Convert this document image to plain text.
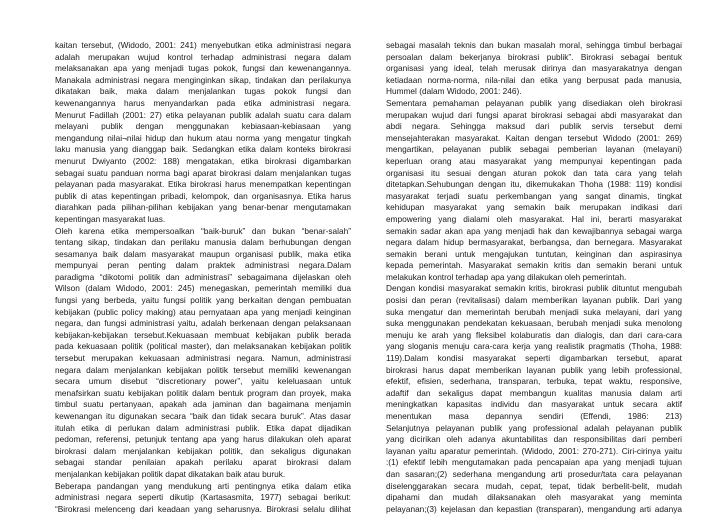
kaitan tersebut, (Widodo, 2001: 241) menyebutkan etika administrasi negara
adalah merupakan wujud kontrol terhadap administrasi negara dalam
melaksanakan apa yang menjadi tugas pokok, fungsi dan kewenangannya.
Manakala administrasi negara menginginkan sikap, tindakan dan perilakunya
dikatakan baik, maka dalam menjalankan tugas pokok fungsi dan
kewenangannya harus menyandarkan pada etika administrasi negara.
Menurut Fadillah (2001: 27) etika pelayanan publik adalah suatu cara dalam
melayani publik dengan menggunakan kebiasaan-kebiasaan yang
mengandung nilai¬nilai hidup dan hukum atau norma yang mengatur tingkah
laku manusia yang dianggap baik. Sedangkan etika dalam konteks birokrasi
menurut Dwiyanto (2002: 188) mengatakan, etika birokrasi digambarkan
sebagai suatu panduan norma bagi aparat birokrasi dalam menjalankan tugas
pelayanan pada masyarakat. Etika birokrasi harus menempatkan kepentingan
publik di atas kepentingan pribadi, kelompok, dan organisasnya. Etika harus
diarahkan pada pilihan-pilihan kebijakan yang benar-benar mengutamakan
kepentingan masyarakat luas.
Oleh karena etika mempersoalkan “baik-buruk” dan bukan “benar-salah”
tentang sikap, tindakan dan perilaku manusia dalam berhubungan dengan
sesamanya baik dalam masyarakat maupun organisasi publik, maka etika
mempunyai peran penting dalam praktek administrasi negara.Dalam
paradigma “dikotomi politik dan administrasi” sebagaimana dijelaskan oleh
Wilson (dalam Widodo, 2001: 245) menegaskan, pemerintah memiliki dua
fungsi yang berbeda, yaitu fungsi politik yang berkaitan dengan pembuatan
kebijakan (public policy making) atau pernyataan apa yang menjadi keinginan
negara, dan fungsi administrasi yaitu, adalah berkenaan dengan pelaksanaan
kebijakan-kebijakan tersebut.Kekuasaan membuat kebijakan publik berada
pada kekuasaan politik (political master), dan melaksanakan kebijakan politik
tersebut merupakan kekuasaan administrasi negara. Namun, administrasi
negara dalam menjalankan kebijakan politik tersebut memiliki kewenangan
secara umum disebut “discretionary power”, yaitu keleluasaan untuk
menafsirkan suatu kebijakan politik dalam bentuk program dan proyek, maka
timbul suatu pertanyaan, apakah ada jaminan dan bagaimana menjamin
kewenangan itu digunakan secara “baik dan tidak secara buruk”. Atas dasar
itulah etika di perlukan dalam administrasi publik. Etika dapat dijadikan
pedoman, referensi, petunjuk tentang apa yang harus dilakukan oleh aparat
birokrasi dalam menjalankan kebijakan politik, dan sekaligus digunakan
sebagai standar penilaian apakah perilaku aparat birokrasi dalam
menjalankan kebijakan politik dapat dikatakan baik atau buruk.
Beberapa pandangan yang mendukung arti pentingnya etika dalam etika
administrasi negara seperti dikutip (Kartasasmita, 1977) sebagai berikut:
“Birokrasi melenceng dari keadaan yang seharusnya. Birokrasi selalu dilihat
sebagai masalah teknis dan bukan masalah moral, sehingga timbul berbagai
persoalan dalam bekerjanya birokrasi publik”. Birokrasi sebagai bentuk
organisasi yang ideal, telah merusak dirinya dan masyarakatnya dengan
ketiadaan norma-norma, nila-nilai dan etika yang berpusat pada manusia,
Hummel (dalam Widodo, 2001: 246).
Sementara pemahaman pelayanan publik yang disediakan oleh birokrasi
merupakan wujud dari fungsi aparat birokrasi sebagai abdi masyarakat dan
abdi negara. Sehingga maksud dari publik servis tersebut demi
mensejahterakan masyarakat. Kaitan dengan tersebut Widodo (2001: 269)
mengartikan, pelayanan publik sebagai pemberian layanan (melayani)
keperluan orang atau masyarakat yang mempunyai kepentingan pada
organisasi itu sesuai dengan aturan pokok dan tata cara yang telah
ditetapkan.Sehubungan dengan itu, dikemukakan Thoha (1988: 119) kondisi
masyarakat terjadi suatu perkembangan yang sangat dinamis, tingkat
kehidupan masyarakat yang semakin baik merupakan indikasi dari
empowering yang dialami oleh masyarakat. Hal ini, berarti masyarakat
semakin sadar akan apa yang menjadi hak dan kewajibannya sebagai warga
negara dalam hidup bermasyarakat, berbangsa, dan bernegara. Masyarakat
semakin berani untuk mengajukan tuntutan, keinginan dan aspirasinya
kepada pemerintah. Masyarakat semakin kritis dan semakin berani untuk
melakukan kontrol terhadap apa yang dilakukan oleh pemerintah.
Dengan kondisi masyarakat semakin kritis, birokrasi publik dituntut mengubah
posisi dan peran (revitalisasi) dalam memberikan layanan publik. Dari yang
suka mengatur dan memerintah berubah menjadi suka melayani, dari yang
suka menggunakan pendekatan kekuasaan, berubah menjadi suka menolong
menuju ke arah yang fleksibel kolaburatis dan dialogis, dan dari cara-cara
yang sloganis menuju cara-cara kerja yang realistik pragmatis (Thoha, 1988:
119).Dalam kondisi masyarakat seperti digambarkan tersebut, aparat
birokrasi harus dapat memberikan layanan publik yang lebih professional,
efektif, efisien, sederhana, transparan, terbuka, tepat waktu, responsive,
adaftif dan sekaligus dapat membangun kualitas manusia dalam arti
meningkatkan kapasitas individu dan masyarakat untuk secara aktif
menentukan masa depannya sendiri (Effendi, 1986: 213)
Selanjutnya pelayanan publik yang professional adalah pelayanan publik
yang dicirikan oleh adanya akuntabilitas dan responsibilitas dari pemberi
layanan yaitu aparatur pemerintah. (Widodo, 2001: 270-271). Ciri-cirinya yaitu
:(1) efektif lebih mengutamakan pada pencapaian apa yang menjadi tujuan
dan sasaran;(2) sederhana mengandung arti prosedur/tata cara pelayanan
diselenggarakan secara mudah, cepat, tepat, tidak berbelit-belit, mudah
dipahami dan mudah dilaksanakan oleh masyarakat yang meminta
pelayanan;(3) kejelasan dan kepastian (transparan), mengandung arti adanya
